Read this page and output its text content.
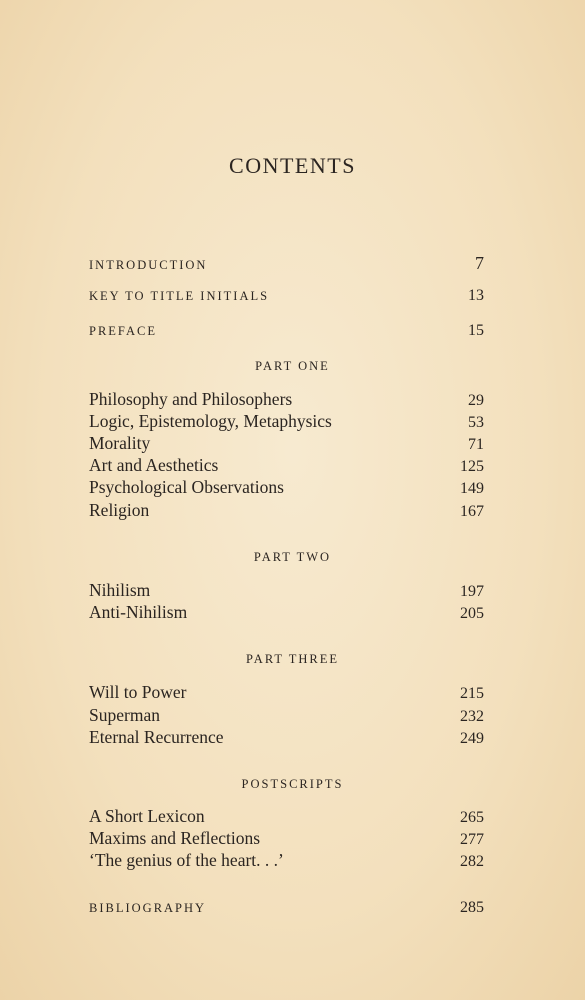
CONTENTS
INTRODUCTION	7
KEY TO TITLE INITIALS	13
PREFACE	15
PART ONE
Philosophy and Philosophers	29
Logic, Epistemology, Metaphysics	53
Morality	71
Art and Aesthetics	125
Psychological Observations	149
Religion	167
PART TWO
Nihilism	197
Anti-Nihilism	205
PART THREE
Will to Power	215
Superman	232
Eternal Recurrence	249
POSTSCRIPTS
A Short Lexicon	265
Maxims and Reflections	277
‘The genius of the heart. . .’	282
BIBLIOGRAPHY	285
